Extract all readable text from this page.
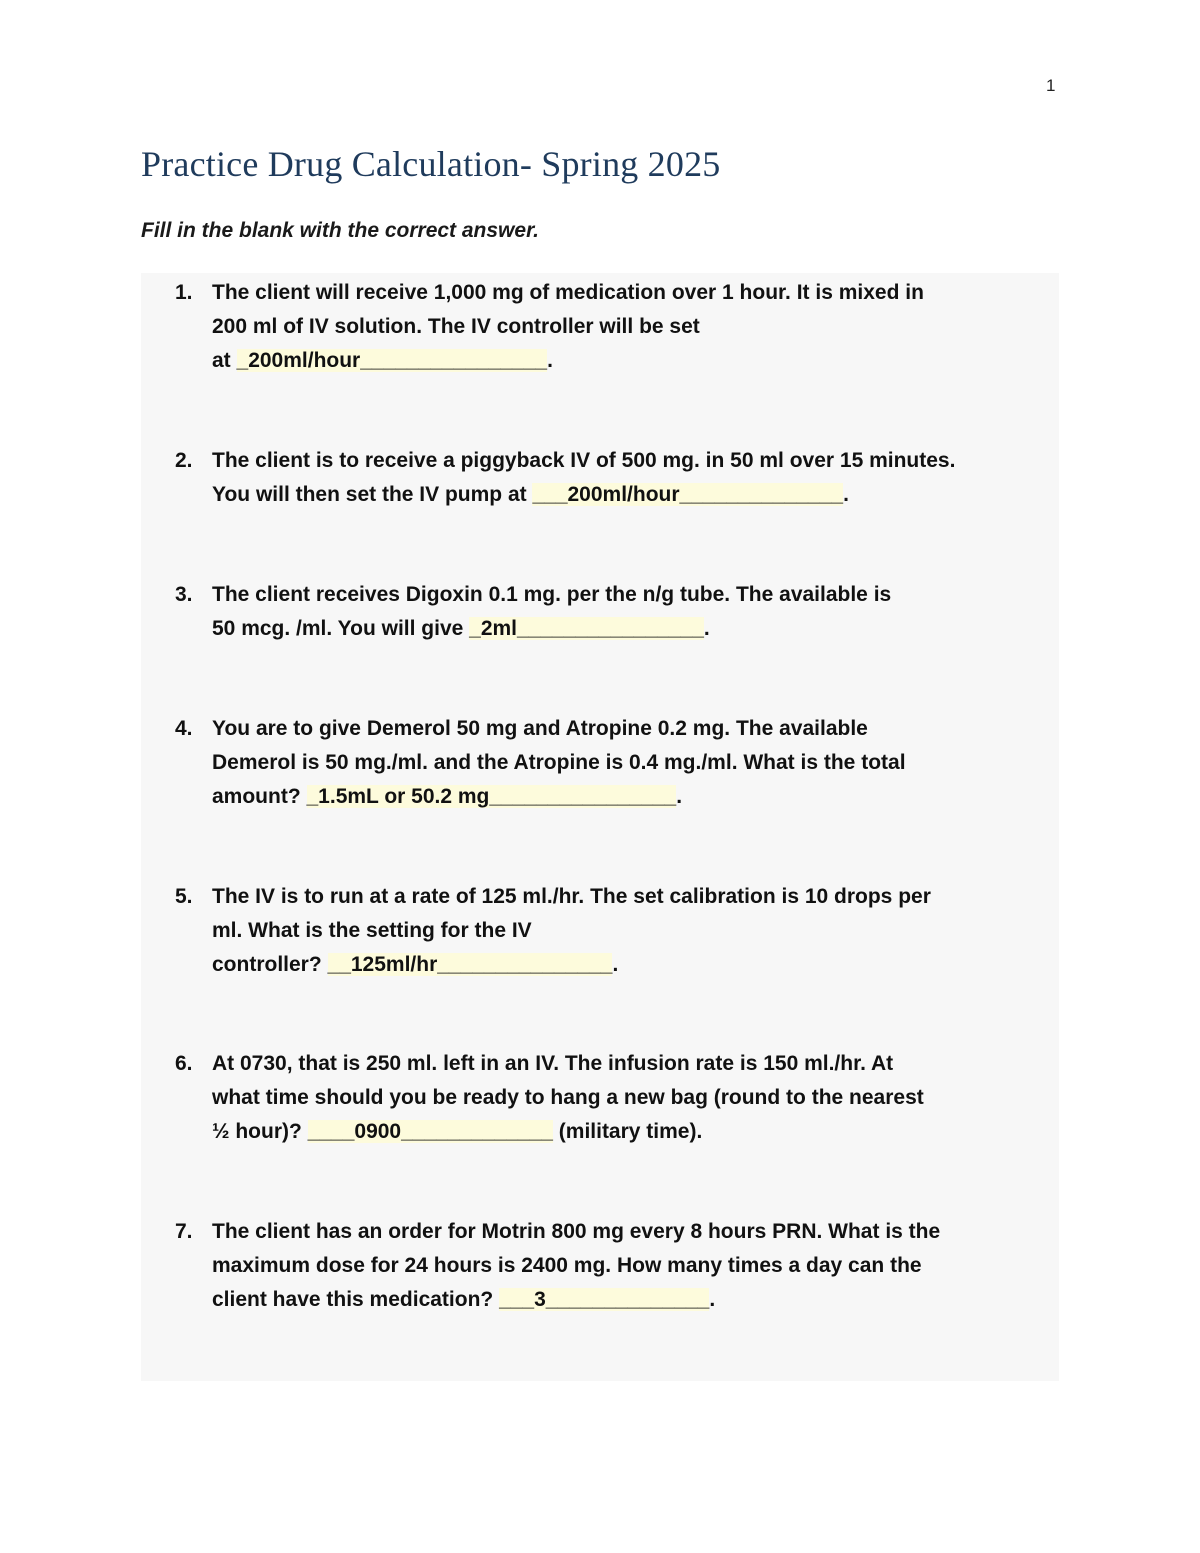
1
Practice Drug Calculation- Spring 2025
Fill in the blank with the correct answer.
1. The client will receive 1,000 mg of medication over 1 hour. It is mixed in
200 ml of IV solution. The IV controller will be set
at _200ml/hour________________.
2. The client is to receive a piggyback IV of 500 mg. in 50 ml over 15 minutes.
You will then set the IV pump at ___200ml/hour______________.
3. The client receives Digoxin 0.1 mg. per the n/g tube. The available is
50 mcg. /ml. You will give _2ml________________.
4. You are to give Demerol 50 mg and Atropine 0.2 mg. The available
Demerol is 50 mg./ml. and the Atropine is 0.4 mg./ml. What is the total
amount? _1.5mL or 50.2 mg________________.
5. The IV is to run at a rate of 125 ml./hr. The set calibration is 10 drops per
ml. What is the setting for the IV
controller? __125ml/hr_______________.
6. At 0730, that is 250 ml. left in an IV. The infusion rate is 150 ml./hr. At
what time should you be ready to hang a new bag (round to the nearest
½ hour)? ____0900_____________ (military time).
7. The client has an order for Motrin 800 mg every 8 hours PRN. What is the
maximum dose for 24 hours is 2400 mg. How many times a day can the
client have this medication? ___3______________.
